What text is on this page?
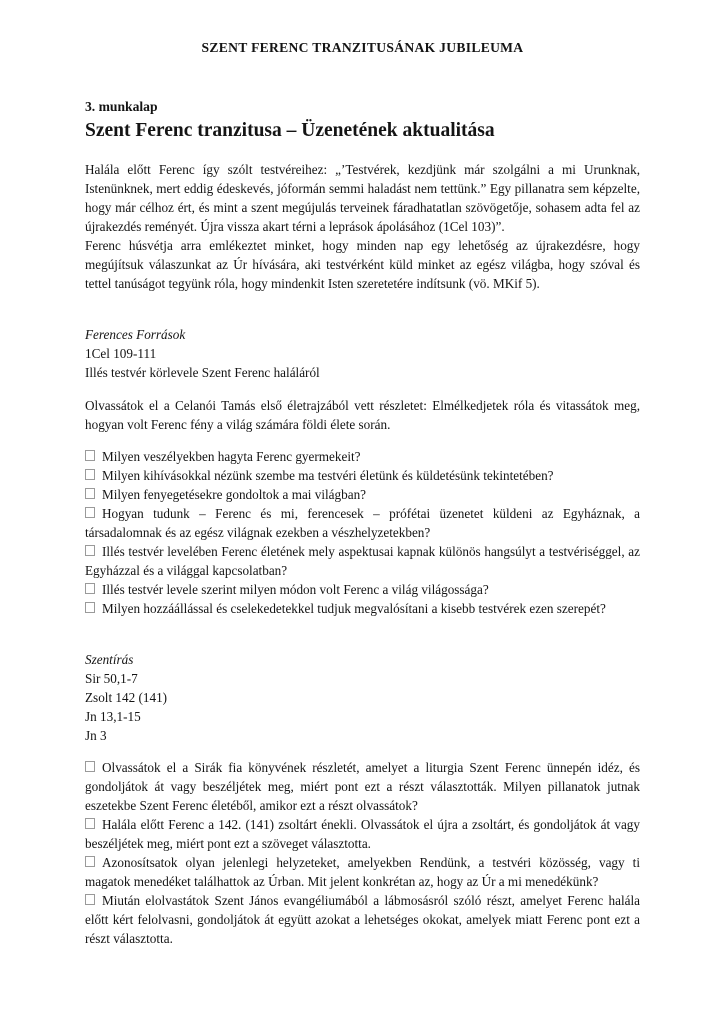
SZENT FERENC TRANZITUSÁNAK JUBILEUMA
3. munkalap
Szent Ferenc tranzitusa – Üzenetének aktualitása

Halála előtt Ferenc így szólt testvéreihez: „’Testvérek, kezdjünk már szolgálni a mi Urunknak, Istenünknek, mert eddig édeskevés, jóformán semmi haladást nem tettünk.” Egy pillanatra sem képzelte, hogy már célhoz ért, és mint a szent megújulás terveinek fáradhatatlan szövögetője, sohasem adta fel az újrakezdés reményét. Újra vissza akart térni a leprások ápolásához (1Cel 103)”.

Ferenc húsvétja arra emlékeztet minket, hogy minden nap egy lehetőség az újrakezdésre, hogy megújítsuk válaszunkat az Úr hívására, aki testvérként küld minket az egész világba, hogy szóval és tettel tanúságot tegyünk róla, hogy mindenkit Isten szeretetére indítsunk (vö. MKif 5).

Ferences Források
1Cel 109-111
Illés testvér körlevele Szent Ferenc haláláról

Olvassátok el a Celanói Tamás első életrajzából vett részletet: Elmélkedjetek róla és vitassátok meg, hogyan volt Ferenc fény a világ számára földi élete során.

Milyen veszélyekben hagyta Ferenc gyermekeit?

Milyen kihívásokkal nézünk szembe ma testvéri életünk és küldetésünk tekintetében?

Milyen fenyegetésekre gondoltok a mai világban?

Hogyan tudunk – Ferenc és mi, ferencesek – prófétai üzenetet küldeni az Egyháznak, a társadalomnak és az egész világnak ezekben a vészhelyzetekben?

Illés testvér levelében Ferenc életének mely aspektusai kapnak különös hangsúlyt a testvériséggel, az Egyházzal és a világgal kapcsolatban?

Illés testvér levele szerint milyen módon volt Ferenc a világ világossága?

Milyen hozzáállással és cselekedetekkel tudjuk megvalósítani a kisebb testvérek ezen szerepét?

Szentírás
Sir 50,1-7
Zsolt 142 (141)
Jn 13,1-15
Jn 3

Olvassátok el a Sirák fia könyvének részletét, amelyet a liturgia Szent Ferenc ünnepén idéz, és gondoljátok át vagy beszéljétek meg, miért pont ezt a részt választották. Milyen pillanatok jutnak eszetekbe Szent Ferenc életéből, amikor ezt a részt olvassátok?

Halála előtt Ferenc a 142. (141) zsoltárt énekli. Olvassátok el újra a zsoltárt, és gondoljátok át vagy beszéljétek meg, miért pont ezt a szöveget választotta.

Azonosítsatok olyan jelenlegi helyzeteket, amelyekben Rendünk, a testvéri közösség, vagy ti magatok menedéket találhattok az Úrban. Mit jelent konkrétan az, hogy az Úr a mi menedékünk?

Miután elolvastátok Szent János evangéliumából a lábmosásról szóló részt, amelyet Ferenc halála előtt kért felolvasni, gondoljátok át együtt azokat a lehetséges okokat, amelyek miatt Ferenc pont ezt a részt választotta.
